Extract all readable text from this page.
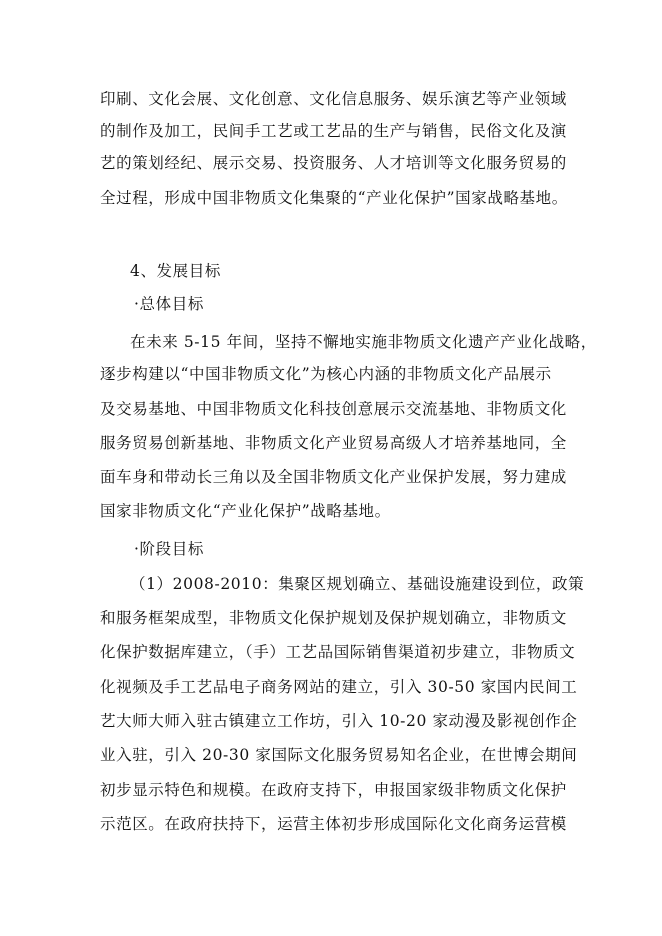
印刷、文化会展、文化创意、文化信息服务、娱乐演艺等产业领域
的制作及加工，民间手工艺或工艺品的生产与销售，民俗文化及演
艺的策划经纪、展示交易、投资服务、人才培训等文化服务贸易的
全过程，形成中国非物质文化集聚的“产业化保护”国家战略基地。
4、发展目标
·总体目标
在未来 5-15 年间，坚持不懈地实施非物质文化遗产产业化战略，
逐步构建以“中国非物质文化”为核心内涵的非物质文化产品展示
及交易基地、中国非物质文化科技创意展示交流基地、非物质文化
服务贸易创新基地、非物质文化产业贸易高级人才培养基地同，全
面车身和带动长三角以及全国非物质文化产业保护发展，努力建成
国家非物质文化“产业化保护”战略基地。
·阶段目标
（1）2008-2010：集聚区规划确立、基础设施建设到位，政策
和服务框架成型，非物质文化保护规划及保护规划确立，非物质文
化保护数据库建立，（手）工艺品国际销售渠道初步建立，非物质文
化视频及手工艺品电子商务网站的建立，引入 30-50 家国内民间工
艺大师大师入驻古镇建立工作坊，引入 10-20 家动漫及影视创作企
业入驻，引入 20-30 家国际文化服务贸易知名企业，在世博会期间
初步显示特色和规模。在政府支持下，申报国家级非物质文化保护
示范区。在政府扶持下，运营主体初步形成国际化文化商务运营模
